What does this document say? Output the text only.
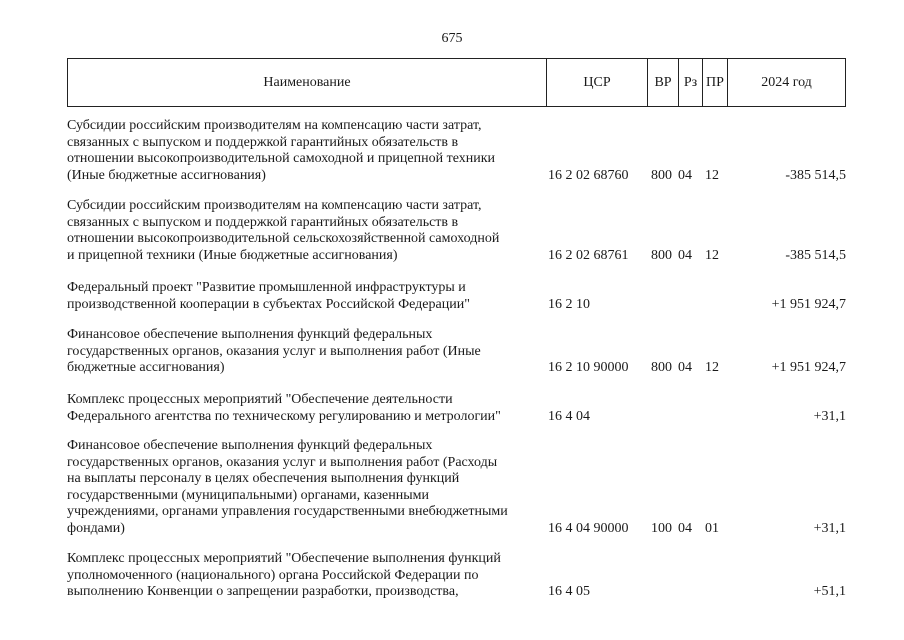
675
Наименование	ЦСР	ВР Рз ПР	2024 год
Субсидии российским производителям на компенсацию части затрат,
связанных с выпуском и поддержкой гарантийных обязательств в
отношении высокопроизводительной самоходной и прицепной техники
(Иные бюджетные ассигнования)	16 2 02 68760 800 04 12	-385 514,5
Субсидии российским производителям на компенсацию части затрат,
связанных с выпуском и поддержкой гарантийных обязательств в
отношении высокопроизводительной сельскохозяйственной самоходной
и прицепной техники (Иные бюджетные ассигнования)	16 2 02 68761 800 04 12	-385 514,5
Федеральный проект "Развитие промышленной инфраструктуры и
производственной кооперации в субъектах Российской Федерации"	16 2 10	+1 951 924,7
Финансовое обеспечение выполнения функций федеральных
государственных органов, оказания услуг и выполнения работ (Иные
бюджетные ассигнования)	16 2 10 90000 800 04 12	+1 951 924,7
Комплекс процессных мероприятий "Обеспечение деятельности
Федерального агентства по техническому регулированию и метрологии"	16 4 04	+31,1
Финансовое обеспечение выполнения функций федеральных
государственных органов, оказания услуг и выполнения работ (Расходы
на выплаты персоналу в целях обеспечения выполнения функций
государственными (муниципальными) органами, казенными
учреждениями, органами управления государственными внебюджетными
фондами)	16 4 04 90000 100 04 01	+31,1
Комплекс процессных мероприятий "Обеспечение выполнения функций
уполномоченного (национального) органа Российской Федерации по
выполнению Конвенции о запрещении разработки, производства,	16 4 05	+51,1
